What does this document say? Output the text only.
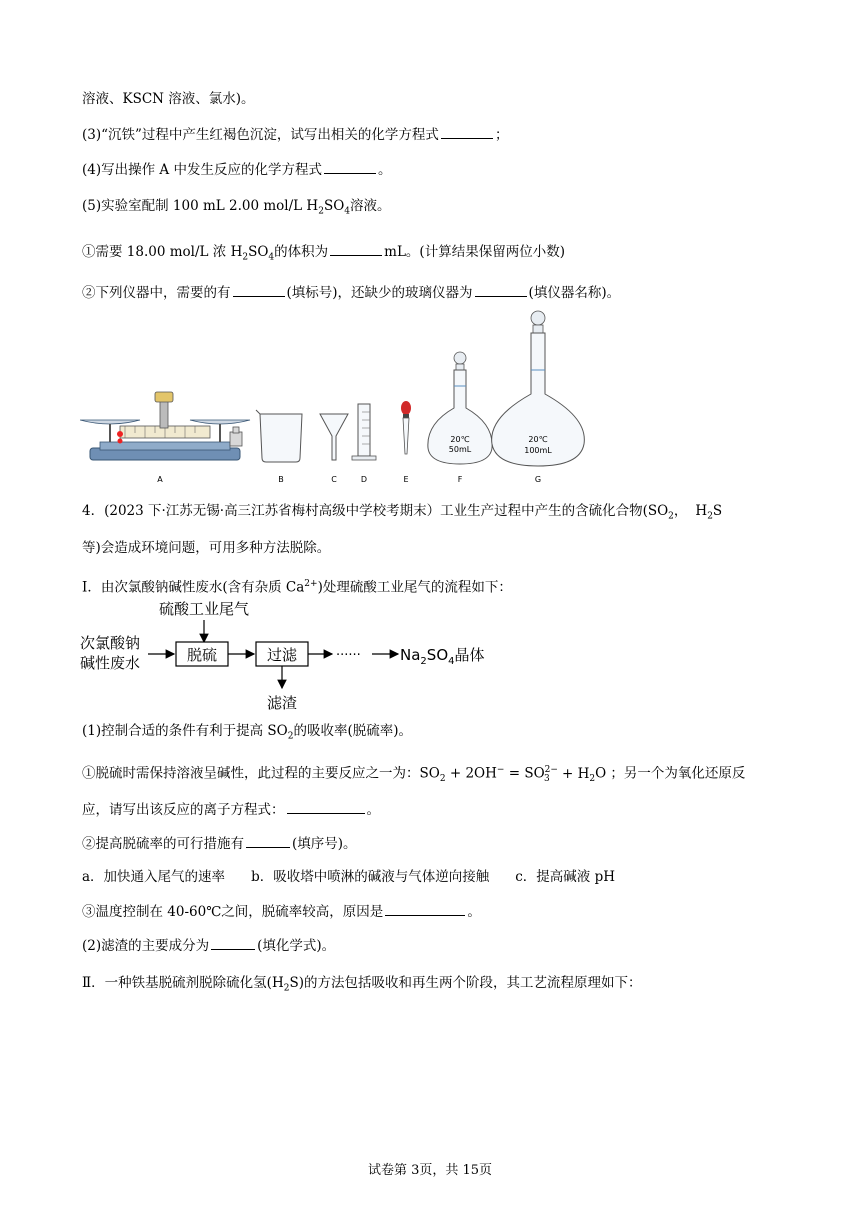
溶液、KSCN 溶液、氯水)。
(3)“沉铁”过程中产生红褐色沉淀，试写出相关的化学方程式	；
(4)写出操作 A 中发生反应的化学方程式	。
(5)实验室配制 100 mL 2.00 mol/L $H_2SO_4$溶液。
①需要 18.00 mol/L 浓 $H_2SO_4$的体积为	mL。(计算结果保留两位小数)
②下列仪器中，需要的有	(填标号)，还缺少的玻璃仪器为	(填仪器名称)。
20℃
50mL
20℃
100mL
A	B	C	D	E	F	G
4．(2023 下·江苏无锡·高三江苏省梅村高级中学校考期末）工业生产过程中产生的含硫化合物($SO_2$， $H_2S$
等)会造成环境问题，可用多种方法脱除。
Ⅰ．由次氯酸钠碱性废水(含有杂质 $Ca^{2+}$)处理硫酸工业尾气的流程如下：
硫酸工业尾气
次氯酸钠
碱性废水	脱硫	过滤	······	$Na_2SO_4$晶体
滤渣
(1)控制合适的条件有利于提高 $SO_2$的吸收率(脱硫率)。
①脱硫时需保持溶液呈碱性，此过程的主要反应之一为：$SO_2 + 2OH^- = SO^{2-}_3 + H_2O$ ；另一个为氧化还原反
应，请写出该反应的离子方程式：	。
②提高脱硫率的可行措施有	(填序号)。
a．加快通入尾气的速率 b．吸收塔中喷淋的碱液与气体逆向接触 c．提高碱液 pH
③温度控制在 40-60℃之间，脱硫率较高，原因是	。
(2)滤渣的主要成分为	(填化学式)。
Ⅱ．一种铁基脱硫剂脱除硫化氢$(H_2S)$的方法包括吸收和再生两个阶段，其工艺流程原理如下：
试卷第 3页，共 15页
